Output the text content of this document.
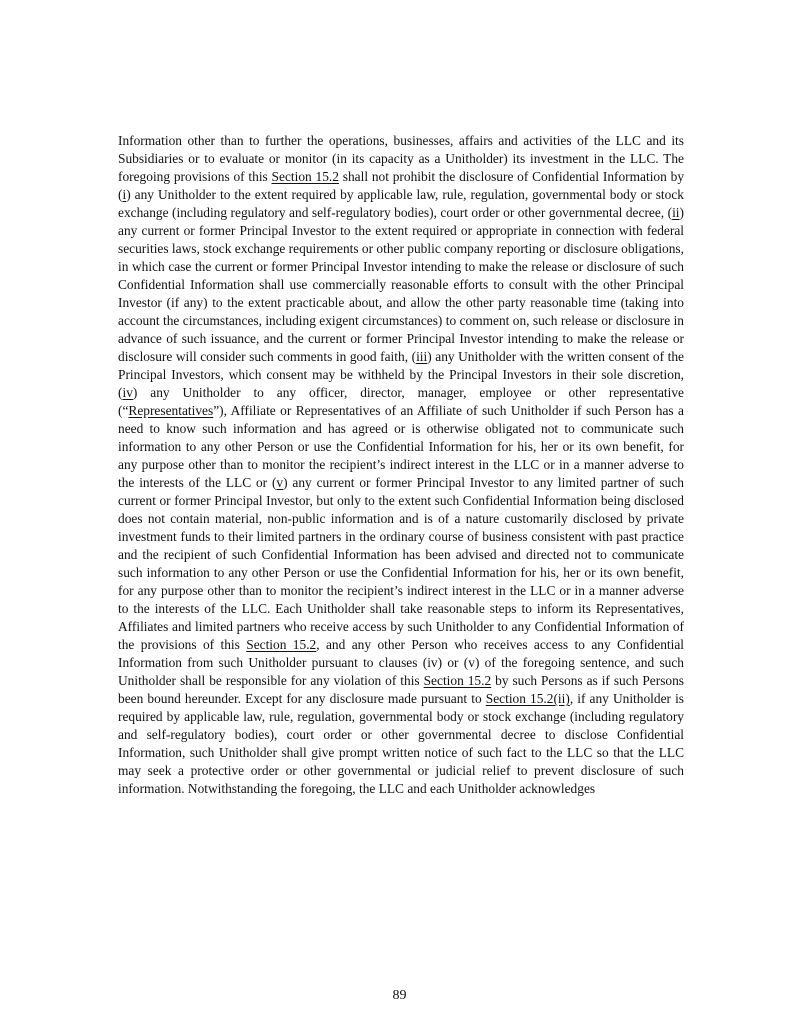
Information other than to further the operations, businesses, affairs and activities of the LLC and its Subsidiaries or to evaluate or monitor (in its capacity as a Unitholder) its investment in the LLC. The foregoing provisions of this Section 15.2 shall not prohibit the disclosure of Confidential Information by (i) any Unitholder to the extent required by applicable law, rule, regulation, governmental body or stock exchange (including regulatory and self-regulatory bodies), court order or other governmental decree, (ii) any current or former Principal Investor to the extent required or appropriate in connection with federal securities laws, stock exchange requirements or other public company reporting or disclosure obligations, in which case the current or former Principal Investor intending to make the release or disclosure of such Confidential Information shall use commercially reasonable efforts to consult with the other Principal Investor (if any) to the extent practicable about, and allow the other party reasonable time (taking into account the circumstances, including exigent circumstances) to comment on, such release or disclosure in advance of such issuance, and the current or former Principal Investor intending to make the release or disclosure will consider such comments in good faith, (iii) any Unitholder with the written consent of the Principal Investors, which consent may be withheld by the Principal Investors in their sole discretion, (iv) any Unitholder to any officer, director, manager, employee or other representative (“Representatives”), Affiliate or Representatives of an Affiliate of such Unitholder if such Person has a need to know such information and has agreed or is otherwise obligated not to communicate such information to any other Person or use the Confidential Information for his, her or its own benefit, for any purpose other than to monitor the recipient’s indirect interest in the LLC or in a manner adverse to the interests of the LLC or (v) any current or former Principal Investor to any limited partner of such current or former Principal Investor, but only to the extent such Confidential Information being disclosed does not contain material, non-public information and is of a nature customarily disclosed by private investment funds to their limited partners in the ordinary course of business consistent with past practice and the recipient of such Confidential Information has been advised and directed not to communicate such information to any other Person or use the Confidential Information for his, her or its own benefit, for any purpose other than to monitor the recipient’s indirect interest in the LLC or in a manner adverse to the interests of the LLC. Each Unitholder shall take reasonable steps to inform its Representatives, Affiliates and limited partners who receive access by such Unitholder to any Confidential Information of the provisions of this Section 15.2, and any other Person who receives access to any Confidential Information from such Unitholder pursuant to clauses (iv) or (v) of the foregoing sentence, and such Unitholder shall be responsible for any violation of this Section 15.2 by such Persons as if such Persons been bound hereunder. Except for any disclosure made pursuant to Section 15.2(ii), if any Unitholder is required by applicable law, rule, regulation, governmental body or stock exchange (including regulatory and self-regulatory bodies), court order or other governmental decree to disclose Confidential Information, such Unitholder shall give prompt written notice of such fact to the LLC so that the LLC may seek a protective order or other governmental or judicial relief to prevent disclosure of such information. Notwithstanding the foregoing, the LLC and each Unitholder acknowledges

89
